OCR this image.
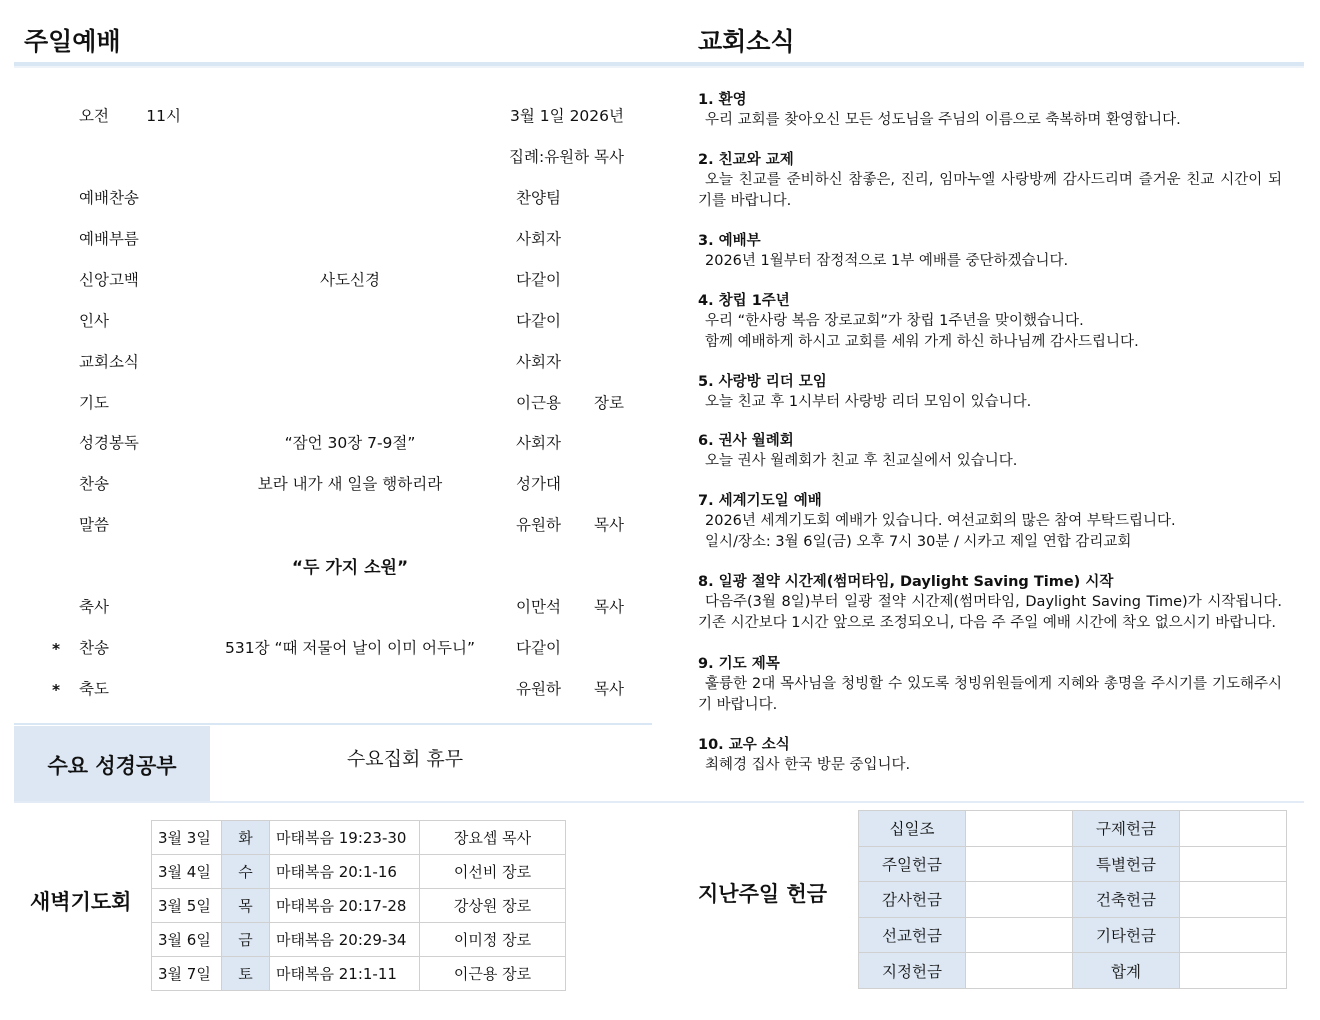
주일예배	교회소식
오전 11시	3월 1일 2026년
집례:유원하 목사
예배찬송	찬양팀
예배부름	사회자
신앙고백	사도신경	다같이
인사	다같이
교회소식	사회자
기도	이근용 장로
성경봉독	“잠언 30장 7-9절”	사회자
찬송	보라 내가 새 일을 행하리라	성가대
말씀	유원하 목사
축사	이만석 목사
* 찬송	531장 “때 저물어 날이 이미 어두니”	다같이
* 축도	유원하 목사
“두 가지 소원”
수요 성경공부	수요집회 휴무
새벽기도회
3월 3일	화	마태복음 19:23-30	장요셉 목사
3월 4일	수	마태복음 20:1-16	이선비 장로
3월 5일	목	마태복음 20:17-28	강상원 장로
3월 6일	금	마태복음 20:29-34	이미정 장로
3월 7일	토	마태복음 21:1-11	이근용 장로
1. 환영
우리 교회를 찾아오신 모든 성도님을 주님의 이름으로 축복하며 환영합니다.
2. 친교와 교제
오늘 친교를 준비하신 참좋은, 진리, 임마누엘 사랑방께 감사드리며 즐거운 친교 시간이 되기를 바랍니다.
3. 예배부
2026년 1월부터 잠정적으로 1부 예배를 중단하겠습니다.
4. 창립 1주년
우리 “한사랑 복음 장로교회”가 창립 1주년을 맞이했습니다.
함께 예배하게 하시고 교회를 세워 가게 하신 하나님께 감사드립니다.
5. 사랑방 리더 모임
오늘 친교 후 1시부터 사랑방 리더 모임이 있습니다.
6. 권사 월례회
오늘 권사 월례회가 친교 후 친교실에서 있습니다.
7. 세계기도일 예배
2026년 세계기도회 예배가 있습니다. 여선교회의 많은 참여 부탁드립니다.
일시/장소: 3월 6일(금) 오후 7시 30분 / 시카고 제일 연합 감리교회
8. 일광 절약 시간제(썸머타임, Daylight Saving Time) 시작
다음주(3월 8일)부터 일광 절약 시간제(썸머타임, Daylight Saving Time)가 시작됩니다. 기존 시간보다 1시간 앞으로 조정되오니, 다음 주 주일 예배 시간에 착오 없으시기 바랍니다.
9. 기도 제목
훌륭한 2대 목사님을 청빙할 수 있도록 청빙위원들에게 지혜와 총명을 주시기를 기도해주시기 바랍니다.
10. 교우 소식
최혜경 집사 한국 방문 중입니다.
지난주일 헌금
십일조		구제헌금	
주일헌금		특별헌금	
감사헌금		건축헌금	
선교헌금		기타헌금	
지정헌금		합계	
